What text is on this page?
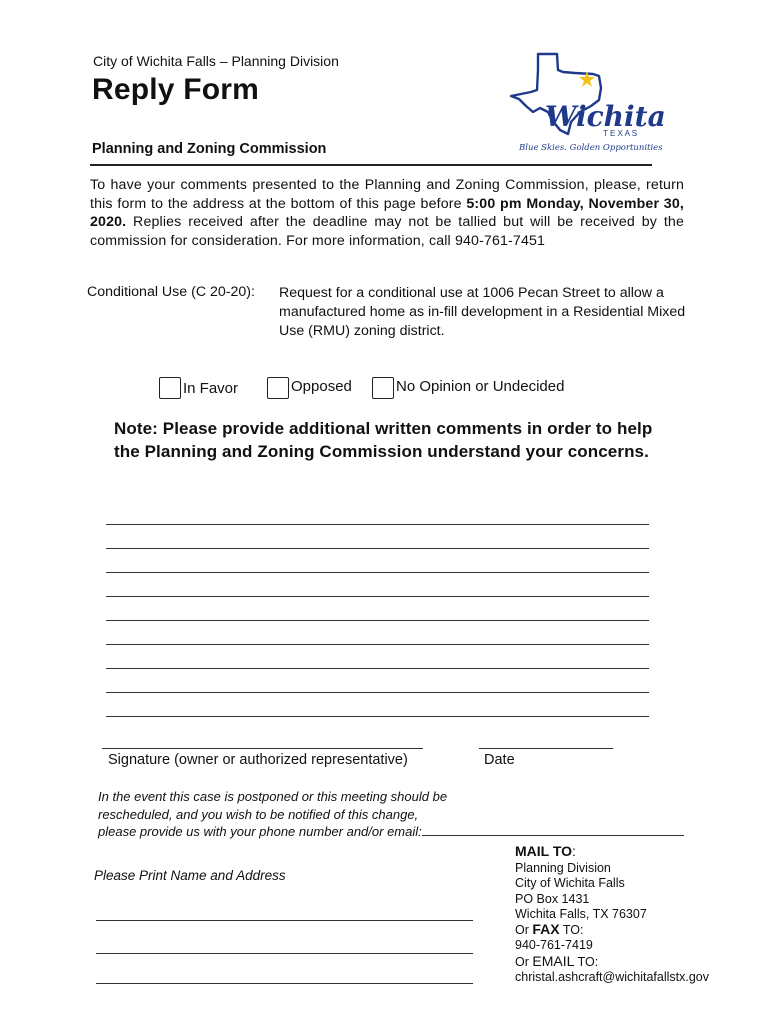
City of Wichita Falls – Planning Division
Reply Form
Planning and Zoning Commission
Wichita
T E X A S
Blue Skies. Golden Opportunities
To have your comments presented to the Planning and Zoning Commission, please, return this form to the address at the bottom of this page before 5:00 pm Monday, November 30, 2020. Replies received after the deadline may not be tallied but will be received by the commission for consideration. For more information, call 940-761-7451
Conditional Use (C 20-20): Request for a conditional use at 1006 Pecan Street to allow a manufactured home as in-fill development in a Residential Mixed Use (RMU) zoning district.
In Favor	Opposed	No Opinion or Undecided
Note: Please provide additional written comments in order to help the Planning and Zoning Commission understand your concerns.
Signature (owner or authorized representative)	Date
In the event this case is postponed or this meeting should be
rescheduled, and you wish to be notified of this change,
please provide us with your phone number and/or email:
Please Print Name and Address
MAIL TO:
Planning Division
City of Wichita Falls
PO Box 1431
Wichita Falls, TX 76307
Or FAX TO:
940-761-7419
Or EMAIL TO:
christal.ashcraft@wichitafallstx.gov
